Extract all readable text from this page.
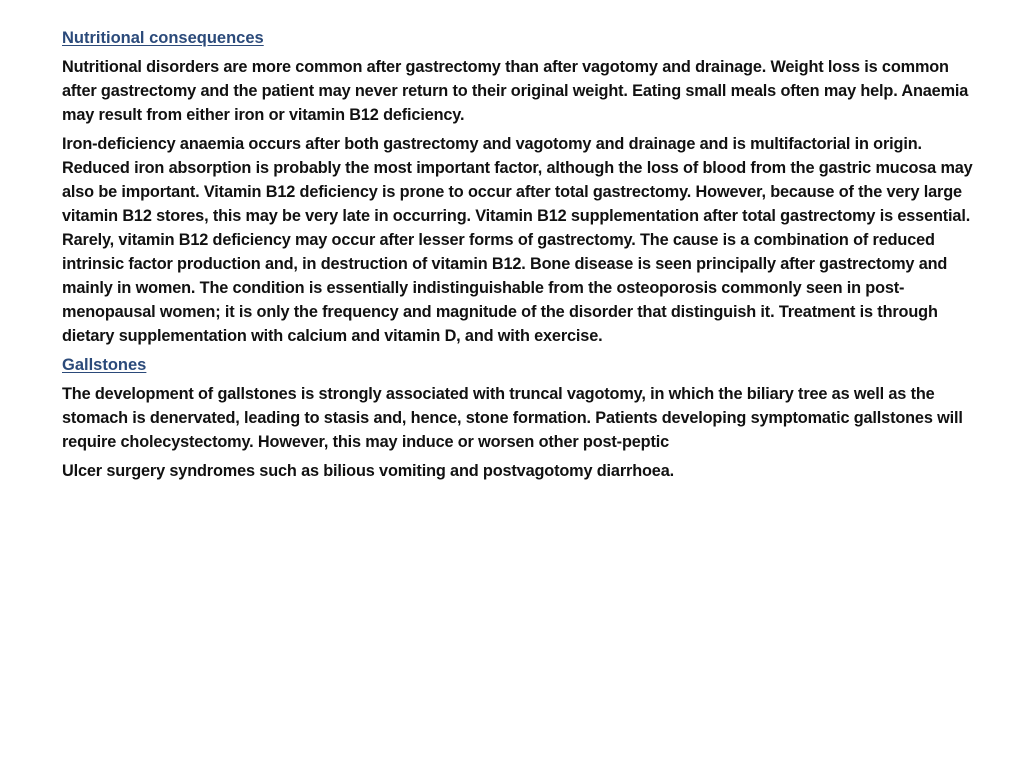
Nutritional consequences

Nutritional disorders are more common after gastrectomy than after vagotomy and drainage. Weight loss is common after gastrectomy and the patient may never return to their original weight. Eating small meals often may help. Anaemia may result from either iron or vitamin B12 deficiency.

Iron-deficiency anaemia occurs after both gastrectomy and vagotomy and drainage and is multifactorial in origin. Reduced iron absorption is probably the most important factor, although the loss of blood from the gastric mucosa may also be important. Vitamin B12 deficiency is prone to occur after total gastrectomy. However, because of the very large vitamin B12 stores, this may be very late in occurring. Vitamin B12 supplementation after total gastrectomy is essential. Rarely, vitamin B12 deficiency may occur after lesser forms of gastrectomy. The cause is a combination of reduced intrinsic factor production and, in destruction of vitamin B12. Bone disease is seen principally after gastrectomy and mainly in women. The condition is essentially indistinguishable from the osteoporosis commonly seen in post-menopausal women; it is only the frequency and magnitude of the disorder that distinguish it. Treatment is through dietary supplementation with calcium and vitamin D, and with exercise.

Gallstones

The development of gallstones is strongly associated with truncal vagotomy, in which the biliary tree as well as the stomach is denervated, leading to stasis and, hence, stone formation. Patients developing symptomatic gallstones will require cholecystectomy. However, this may induce or worsen other post-peptic

Ulcer surgery syndromes such as bilious vomiting and postvagotomy diarrhoea.
